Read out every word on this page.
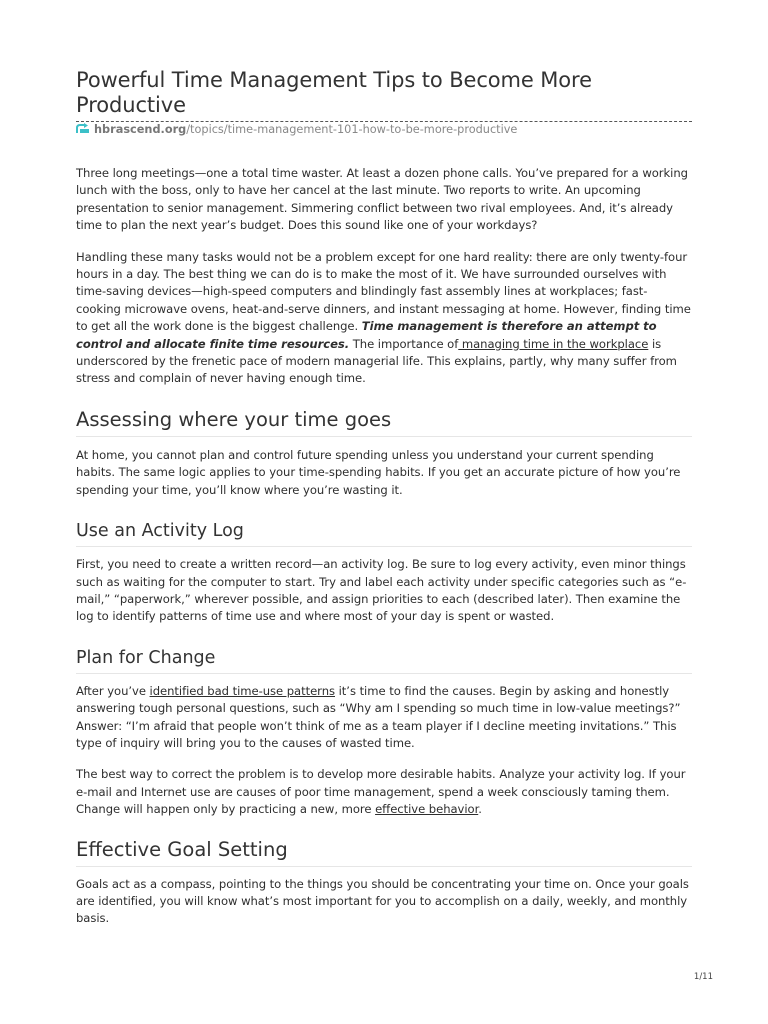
Powerful Time Management Tips to Become More Productive
hbrascend.org/topics/time-management-101-how-to-be-more-productive

Three long meetings—one a total time waster. At least a dozen phone calls. You’ve prepared for a working lunch with the boss, only to have her cancel at the last minute. Two reports to write. An upcoming presentation to senior management. Simmering conflict between two rival employees. And, it’s already time to plan the next year’s budget. Does this sound like one of your workdays?

Handling these many tasks would not be a problem except for one hard reality: there are only twenty-four hours in a day. The best thing we can do is to make the most of it. We have surrounded ourselves with time-saving devices—high-speed computers and blindingly fast assembly lines at workplaces; fast-cooking microwave ovens, heat-and-serve dinners, and instant messaging at home. However, finding time to get all the work done is the biggest challenge. Time management is therefore an attempt to control and allocate finite time resources. The importance of managing time in the workplace is underscored by the frenetic pace of modern managerial life. This explains, partly, why many suffer from stress and complain of never having enough time.

Assessing where your time goes

At home, you cannot plan and control future spending unless you understand your current spending habits. The same logic applies to your time-spending habits. If you get an accurate picture of how you’re spending your time, you’ll know where you’re wasting it.

Use an Activity Log

First, you need to create a written record—an activity log. Be sure to log every activity, even minor things such as waiting for the computer to start. Try and label each activity under specific categories such as “e-mail,” “paperwork,” wherever possible, and assign priorities to each (described later). Then examine the log to identify patterns of time use and where most of your day is spent or wasted.

Plan for Change

After you’ve identified bad time-use patterns it’s time to find the causes. Begin by asking and honestly answering tough personal questions, such as “Why am I spending so much time in low-value meetings?” Answer: “I’m afraid that people won’t think of me as a team player if I decline meeting invitations.” This type of inquiry will bring you to the causes of wasted time.

The best way to correct the problem is to develop more desirable habits. Analyze your activity log. If your e-mail and Internet use are causes of poor time management, spend a week consciously taming them. Change will happen only by practicing a new, more effective behavior.

Effective Goal Setting

Goals act as a compass, pointing to the things you should be concentrating your time on. Once your goals are identified, you will know what’s most important for you to accomplish on a daily, weekly, and monthly basis.

1/11
